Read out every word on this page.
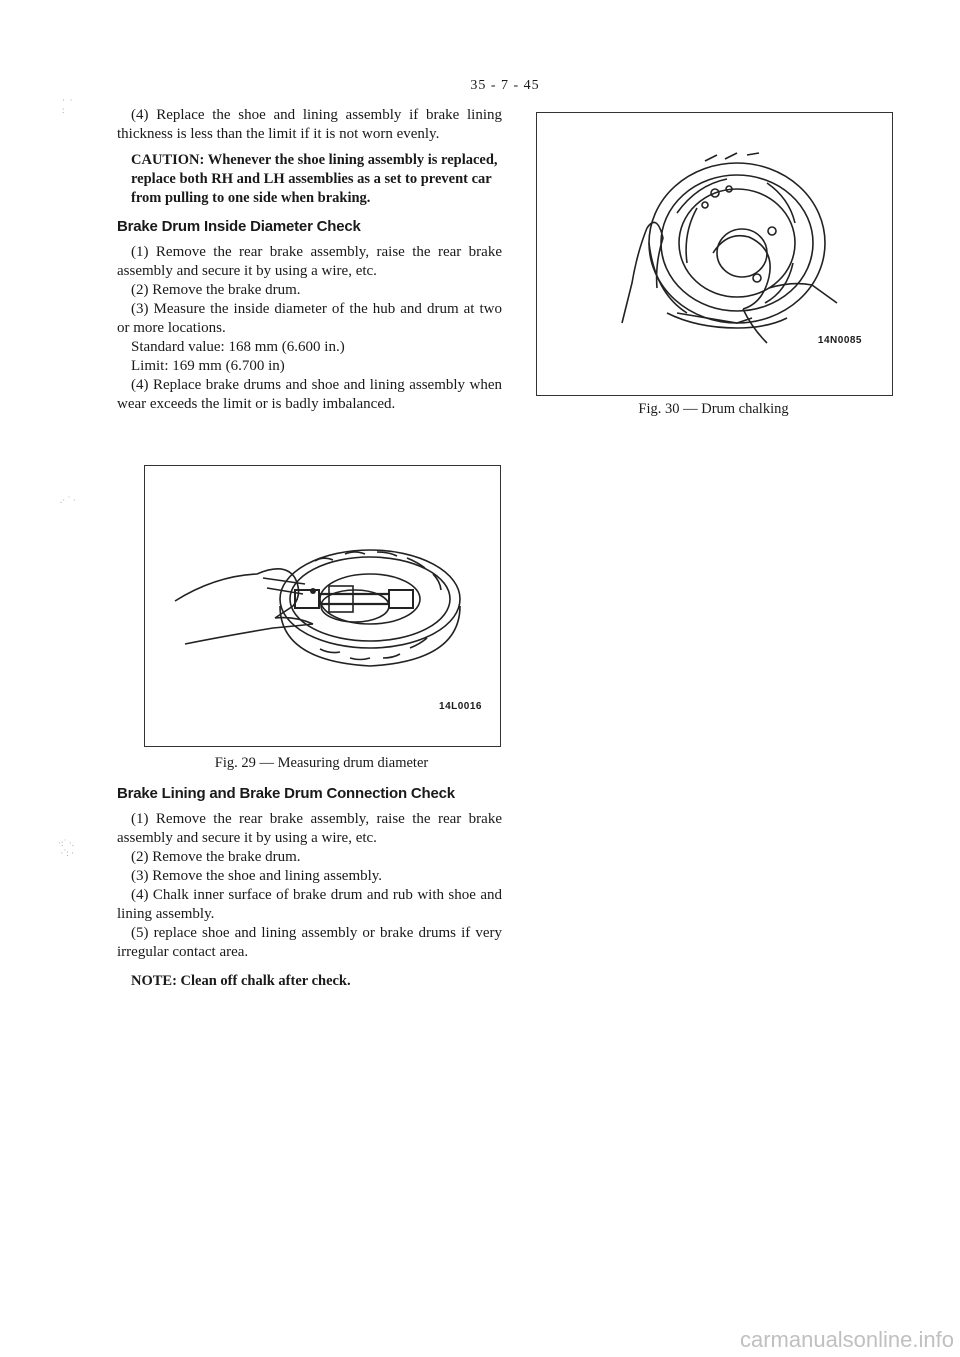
35 - 7 - 45
·  ·
:
.· ˙ ·
·:˙ ·.
·˙: ·

(4) Replace the shoe and lining assembly if brake lining thickness is less than the limit if it is not worn evenly.

CAUTION: Whenever the shoe lining assembly is replaced, replace both RH and LH assemblies as a set to prevent car from pulling to one side when braking.
Brake Drum Inside Diameter Check

(1) Remove the rear brake assembly, raise the rear brake assembly and secure it by using a wire, etc.

(2) Remove the brake drum.

(3) Measure the inside diameter of the hub and drum at two or more locations.

Standard value: 168 mm (6.600 in.)

Limit: 169 mm (6.700 in)

(4) Replace brake drums and shoe and lining assembly when wear exceeds the limit or is badly imbalanced.

14L0016
Fig. 29 — Measuring drum diameter
Brake Lining and Brake Drum Connection Check

(1) Remove the rear brake assembly, raise the rear brake assembly and secure it by using a wire, etc.

(2) Remove the brake drum.

(3) Remove the shoe and lining assembly.

(4) Chalk inner surface of brake drum and rub with shoe and lining assembly.

(5) replace shoe and lining assembly or brake drums if very irregular contact area.

NOTE: Clean off chalk after check.

14N0085
Fig. 30 — Drum chalking
carmanualsonline.info
